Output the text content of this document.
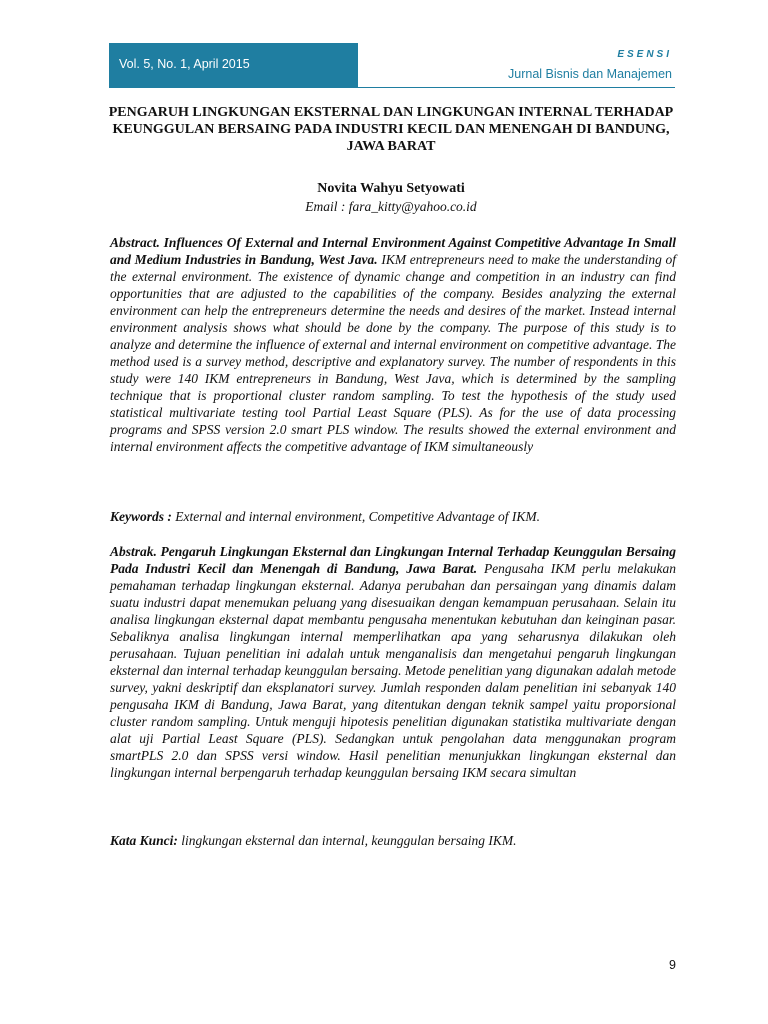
Vol. 5, No. 1, April 2015
ESENSI
Jurnal Bisnis dan Manajemen
PENGARUH LINGKUNGAN EKSTERNAL DAN LINGKUNGAN INTERNAL TERHADAP KEUNGGULAN BERSAING PADA INDUSTRI KECIL DAN MENENGAH DI BANDUNG, JAWA BARAT
Novita Wahyu Setyowati
Email : fara_kitty@yahoo.co.id
Abstract. Influences Of External and Internal Environment Against Competitive Advantage In Small and Medium Industries in Bandung, West Java. IKM entrepreneurs need to make the understanding of the external environment. The existence of dynamic change and competition in an industry can find opportunities that are adjusted to the capabilities of the company. Besides analyzing the external environment can help the entrepreneurs determine the needs and desires of the market. Instead internal environment analysis shows what should be done by the company. The purpose of this study is to analyze and determine the influence of external and internal environment on competitive advantage. The method used is a survey method, descriptive and explanatory survey. The number of respondents in this study were 140 IKM entrepreneurs in Bandung, West Java, which is determined by the sampling technique that is proportional cluster random sampling. To test the hypothesis of the study used statistical multivariate testing tool Partial Least Square (PLS). As for the use of data processing programs and SPSS version 2.0 smart PLS window. The results showed the external environment and internal environment affects the competitive advantage of IKM simultaneously
Keywords : External and internal environment, Competitive Advantage of IKM.
Abstrak. Pengaruh Lingkungan Eksternal dan Lingkungan Internal Terhadap Keunggulan Bersaing Pada Industri Kecil dan Menengah di Bandung, Jawa Barat. Pengusaha IKM perlu melakukan pemahaman terhadap lingkungan eksternal. Adanya perubahan dan persaingan yang dinamis dalam suatu industri dapat menemukan peluang yang disesuaikan dengan kemampuan perusahaan. Selain itu analisa lingkungan eksternal dapat membantu pengusaha menentukan kebutuhan dan keinginan pasar. Sebaliknya analisa lingkungan internal memperlihatkan apa yang seharusnya dilakukan oleh perusahaan. Tujuan penelitian ini adalah untuk menganalisis dan mengetahui pengaruh lingkungan eksternal dan internal terhadap keunggulan bersaing. Metode penelitian yang digunakan adalah metode survey, yakni deskriptif dan eksplanatori survey. Jumlah responden dalam penelitian ini sebanyak 140 pengusaha IKM di Bandung, Jawa Barat, yang ditentukan dengan teknik sampel yaitu proporsional cluster random sampling. Untuk menguji hipotesis penelitian digunakan statistika multivariate dengan alat uji Partial Least Square (PLS). Sedangkan untuk pengolahan data menggunakan program smartPLS 2.0 dan SPSS versi window. Hasil penelitian menunjukkan lingkungan eksternal dan lingkungan internal berpengaruh terhadap keunggulan bersaing IKM secara simultan
Kata Kunci: lingkungan eksternal dan internal, keunggulan bersaing IKM.
9
